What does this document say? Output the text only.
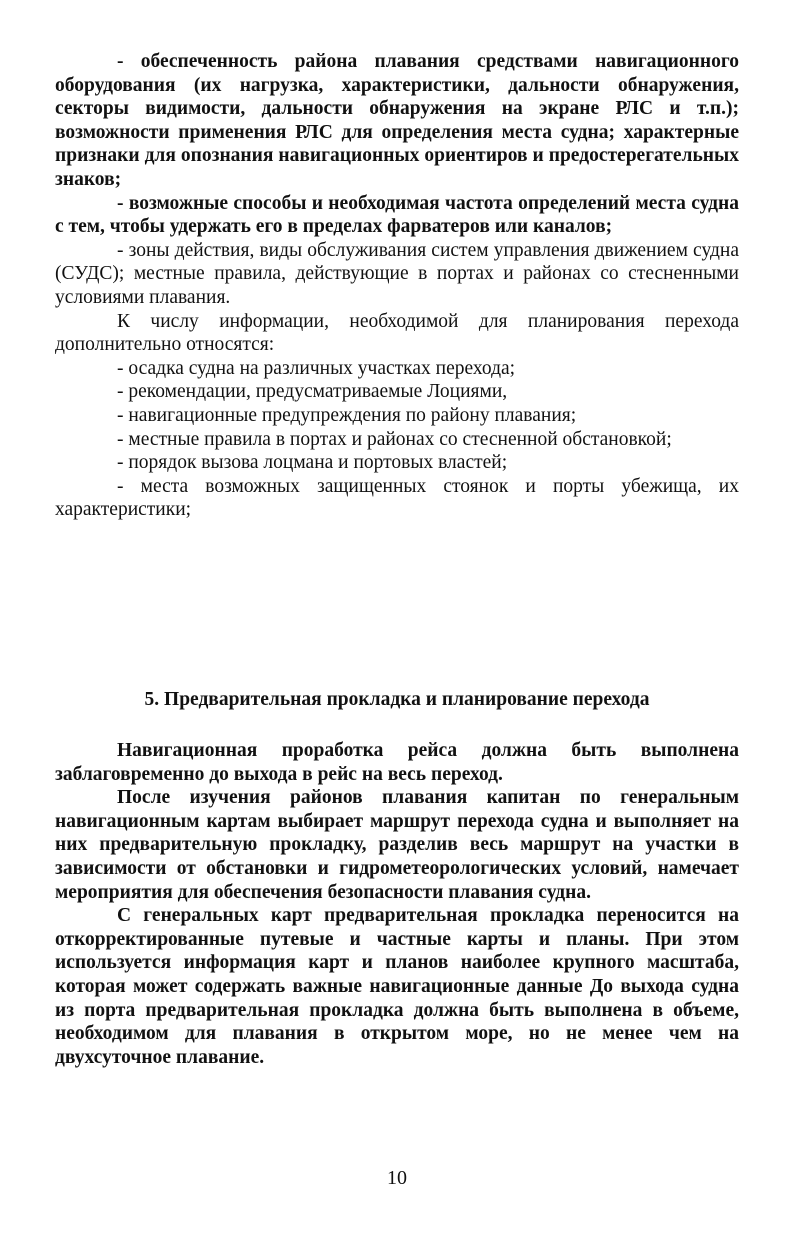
- обеспеченность района плавания средствами навигационного оборудования (их нагрузка, характеристики, дальности обнаружения, секторы видимости, дальности обнаружения на экране РЛС и т.п.); возможности применения РЛС для определения места судна; характерные признаки для опознания навигационных ориентиров и предостерегательных знаков;

- возможные способы и необходимая частота определений места судна с тем, чтобы удержать его в пределах фарватеров или каналов;

- зоны действия, виды обслуживания систем управления движением судна (СУДС); местные правила, действующие в портах и районах со стесненными условиями плавания.

К числу информации, необходимой для планирования перехода дополнительно относятся:

- осадка судна на различных участках перехода;

- рекомендации, предусматриваемые Лоциями,

- навигационные предупреждения по району плавания;

- местные правила в портах и районах со стесненной обстановкой;

- порядок вызова лоцмана и портовых властей;

- места возможных защищенных стоянок и порты убежища, их характеристики;

5. Предварительная прокладка и планирование перехода

Навигационная проработка рейса должна быть выполнена заблаговременно до выхода в рейс на весь переход.

После изучения районов плавания капитан по генеральным навигационным картам выбирает маршрут перехода судна и выполняет на них предварительную прокладку, разделив весь маршрут на участки в зависимости от обстановки и гидрометеорологических условий, намечает мероприятия для обеспечения безопасности плавания судна.

С генеральных карт предварительная прокладка переносится на откорректированные путевые и частные карты и планы. При этом используется информация карт и планов наиболее крупного масштаба, которая может содержать важные навигационные данные До выхода судна из порта предварительная прокладка должна быть выполнена в объеме, необходимом для плавания в открытом море, но не менее чем на двухсуточное плавание.

10
